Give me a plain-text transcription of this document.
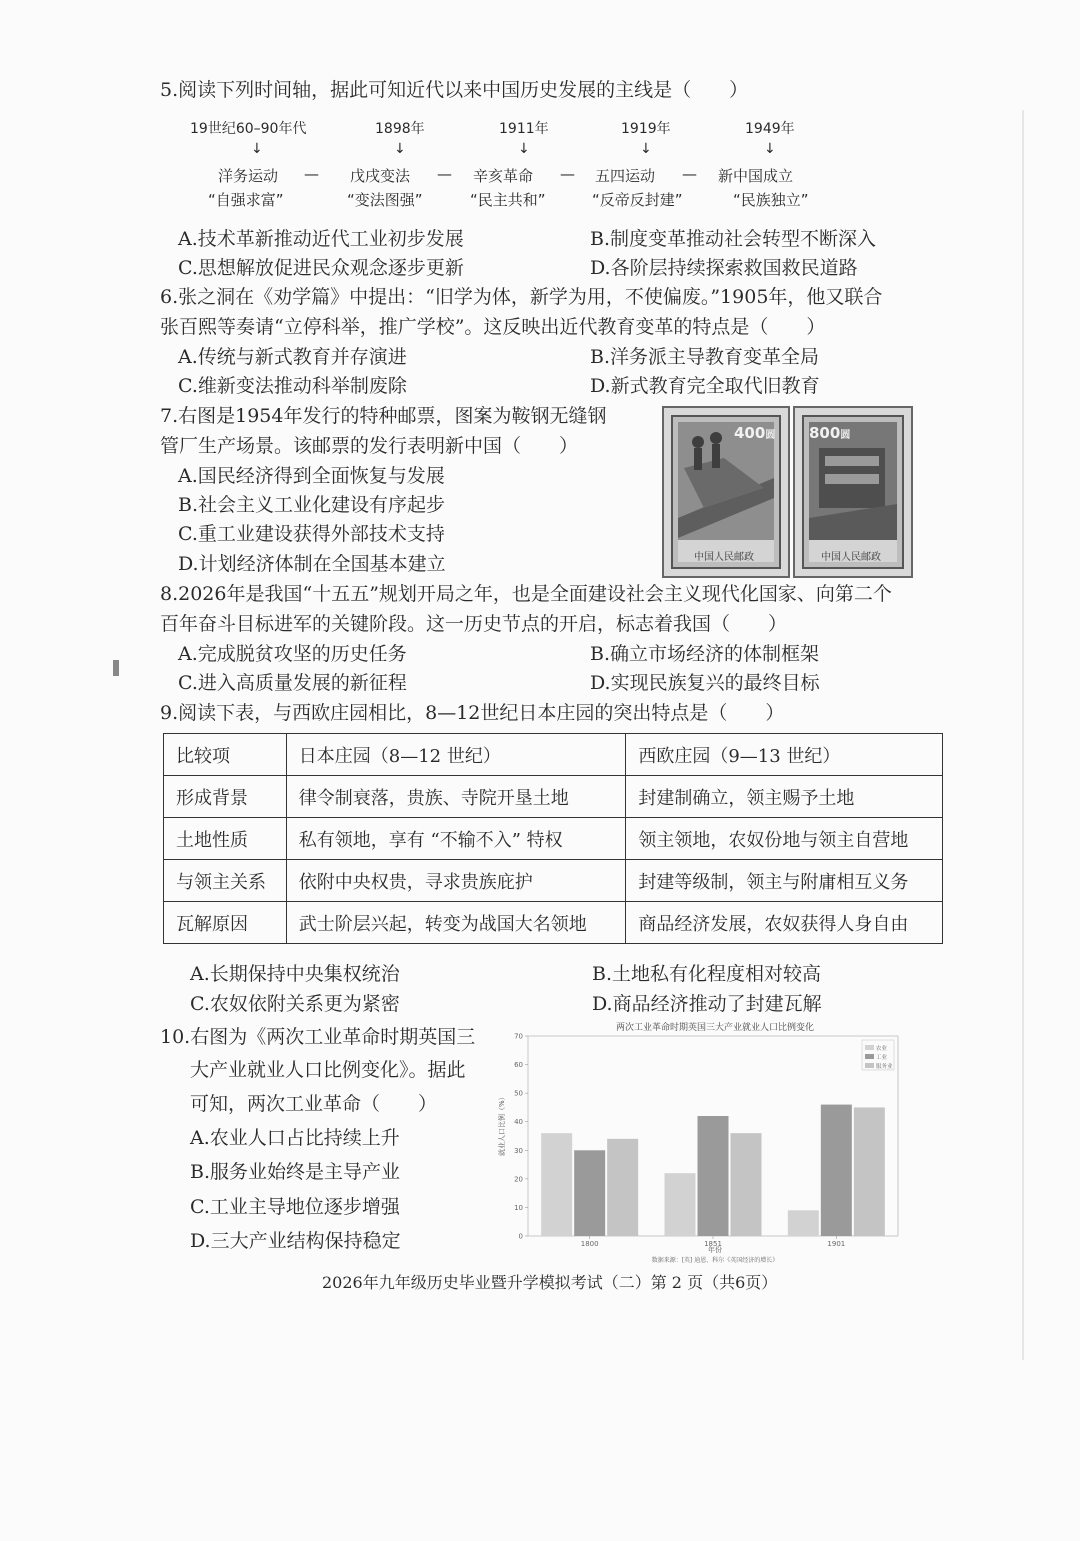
5.阅读下列时间轴，据此可知近代以来中国历史发展的主线是（　　）
19世纪60–90年代	1898年	1911年	1919年	1949年
↓	↓	↓	↓	↓
洋务运动 — 戊戌变法 — 辛亥革命 — 五四运动 — 新中国成立
“自强求富”	“变法图强”	“民主共和”	“反帝反封建”	“民族独立”
A.技术革新推动近代工业初步发展	B.制度变革推动社会转型不断深入
C.思想解放促进民众观念逐步更新	D.各阶层持续探索救国救民道路
6.张之洞在《劝学篇》中提出：“旧学为体，新学为用，不使偏废。”1905年，他又联合
张百熙等奏请“立停科举，推广学校”。这反映出近代教育变革的特点是（　　）
A.传统与新式教育并存演进	B.洋务派主导教育变革全局
C.维新变法推动科举制废除	D.新式教育完全取代旧教育
7.右图是1954年发行的特种邮票，图案为鞍钢无缝钢
管厂生产场景。该邮票的发行表明新中国（　　）
A.国民经济得到全面恢复与发展
B.社会主义工业化建设有序起步
C.重工业建设获得外部技术支持
D.计划经济体制在全国基本建立
400圆
中国人民邮政
800圆
中国人民邮政
8.2026年是我国“十五五”规划开局之年，也是全面建设社会主义现代化国家、向第二个
百年奋斗目标进军的关键阶段。这一历史节点的开启，标志着我国（　　）
A.完成脱贫攻坚的历史任务	B.确立市场经济的体制框架
C.进入高质量发展的新征程	D.实现民族复兴的最终目标
9.阅读下表，与西欧庄园相比，8—12世纪日本庄园的突出特点是（　　）
比较项	日本庄园（8—12 世纪）	西欧庄园（9—13 世纪）
形成背景	律令制衰落，贵族、寺院开垦土地	封建制确立，领主赐予土地
土地性质	私有领地，享有 “不输不入” 特权	领主领地，农奴份地与领主自营地
与领主关系	依附中央权贵，寻求贵族庇护	封建等级制，领主与附庸相互义务
瓦解原因	武士阶层兴起，转变为战国大名领地	商品经济发展，农奴获得人身自由
A.长期保持中央集权统治	B.土地私有化程度相对较高
C.农奴依附关系更为紧密	D.商品经济推动了封建瓦解
10.右图为《两次工业革命时期英国三
大产业就业人口比例变化》。据此
可知，两次工业革命（　　）
A.农业人口占比持续上升
B.服务业始终是主导产业
C.工业主导地位逐步增强
D.三大产业结构保持稳定
两次工业革命时期英国三大产业就业人口比例变化
0
10
20
30
40
50
60
70
1800	1851	1901
农业
工业
服务业
就业人口比例（%）
年份
数据来源：[英] 迪恩、科尔《英国经济的增长》
2026年九年级历史毕业暨升学模拟考试（二）第 2 页（共6页）
